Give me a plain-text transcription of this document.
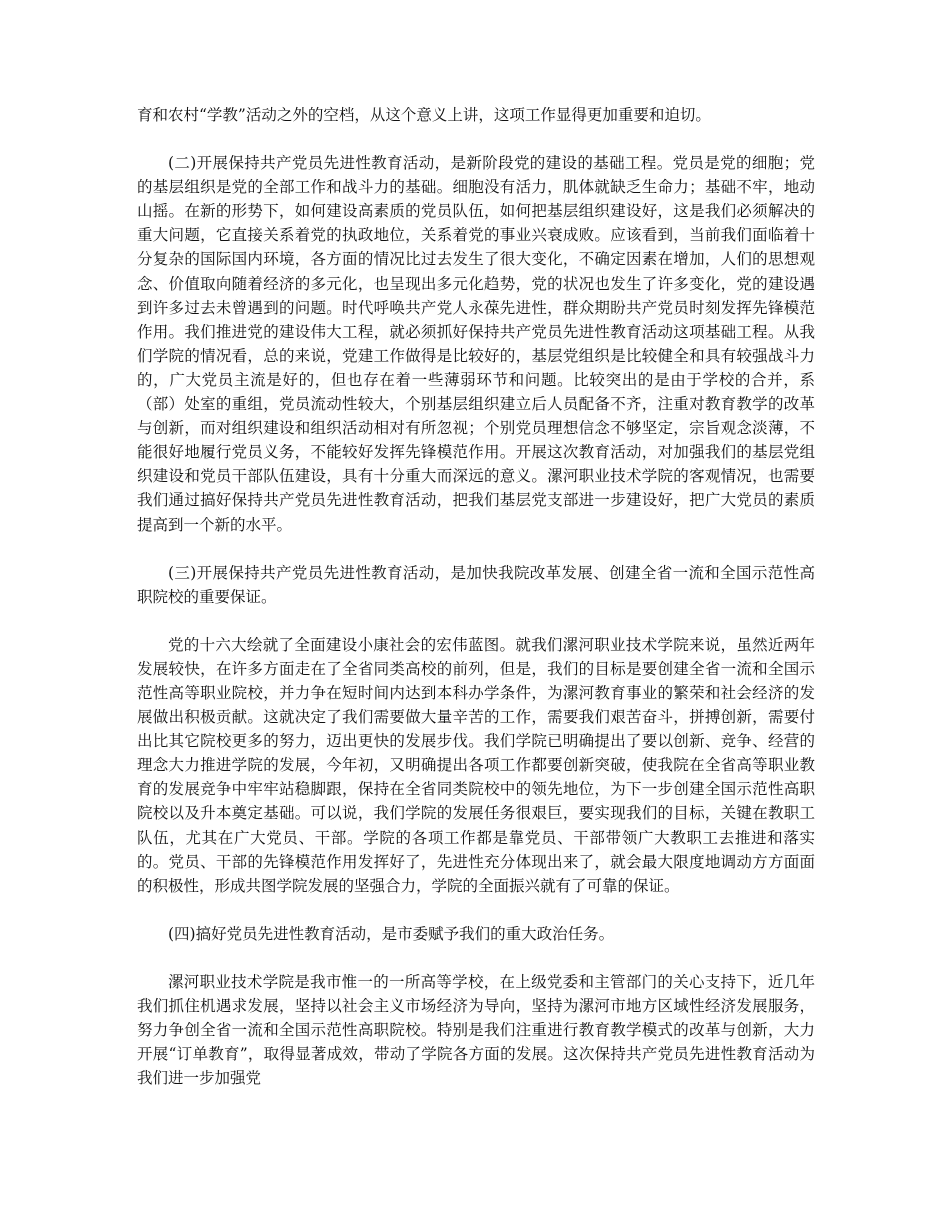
育和农村“学教”活动之外的空档，从这个意义上讲，这项工作显得更加重要和迫切。

(二)开展保持共产党员先进性教育活动，是新阶段党的建设的基础工程。党员是党的细胞；党的基层组织是党的全部工作和战斗力的基础。细胞没有活力，肌体就缺乏生命力；基础不牢，地动山摇。在新的形势下，如何建设高素质的党员队伍，如何把基层组织建设好，这是我们必须解决的重大问题，它直接关系着党的执政地位，关系着党的事业兴衰成败。应该看到，当前我们面临着十分复杂的国际国内环境，各方面的情况比过去发生了很大变化，不确定因素在增加，人们的思想观念、价值取向随着经济的多元化，也呈现出多元化趋势，党的状况也发生了许多变化，党的建设遇到许多过去未曾遇到的问题。时代呼唤共产党人永葆先进性，群众期盼共产党员时刻发挥先锋模范作用。我们推进党的建设伟大工程，就必须抓好保持共产党员先进性教育活动这项基础工程。从我们学院的情况看，总的来说，党建工作做得是比较好的，基层党组织是比较健全和具有较强战斗力的，广大党员主流是好的，但也存在着一些薄弱环节和问题。比较突出的是由于学校的合并，系（部）处室的重组，党员流动性较大，个别基层组织建立后人员配备不齐，注重对教育教学的改革与创新，而对组织建设和组织活动相对有所忽视；个别党员理想信念不够坚定，宗旨观念淡薄，不能很好地履行党员义务，不能较好发挥先锋模范作用。开展这次教育活动，对加强我们的基层党组织建设和党员干部队伍建设，具有十分重大而深远的意义。漯河职业技术学院的客观情况，也需要我们通过搞好保持共产党员先进性教育活动，把我们基层党支部进一步建设好，把广大党员的素质提高到一个新的水平。

(三)开展保持共产党员先进性教育活动，是加快我院改革发展、创建全省一流和全国示范性高职院校的重要保证。

党的十六大绘就了全面建设小康社会的宏伟蓝图。就我们漯河职业技术学院来说，虽然近两年发展较快，在许多方面走在了全省同类高校的前列，但是，我们的目标是要创建全省一流和全国示范性高等职业院校，并力争在短时间内达到本科办学条件，为漯河教育事业的繁荣和社会经济的发展做出积极贡献。这就决定了我们需要做大量辛苦的工作，需要我们艰苦奋斗，拼搏创新，需要付出比其它院校更多的努力，迈出更快的发展步伐。我们学院已明确提出了要以创新、竞争、经营的理念大力推进学院的发展，今年初，又明确提出各项工作都要创新突破，使我院在全省高等职业教育的发展竞争中牢牢站稳脚跟，保持在全省同类院校中的领先地位，为下一步创建全国示范性高职院校以及升本奠定基础。可以说，我们学院的发展任务很艰巨，要实现我们的目标，关键在教职工队伍，尤其在广大党员、干部。学院的各项工作都是靠党员、干部带领广大教职工去推进和落实的。党员、干部的先锋模范作用发挥好了，先进性充分体现出来了，就会最大限度地调动方方面面的积极性，形成共图学院发展的坚强合力，学院的全面振兴就有了可靠的保证。

(四)搞好党员先进性教育活动，是市委赋予我们的重大政治任务。

漯河职业技术学院是我市惟一的一所高等学校，在上级党委和主管部门的关心支持下，近几年我们抓住机遇求发展，坚持以社会主义市场经济为导向，坚持为漯河市地方区域性经济发展服务，努力争创全省一流和全国示范性高职院校。特别是我们注重进行教育教学模式的改革与创新，大力开展“订单教育”，取得显著成效，带动了学院各方面的发展。这次保持共产党员先进性教育活动为我们进一步加强党
